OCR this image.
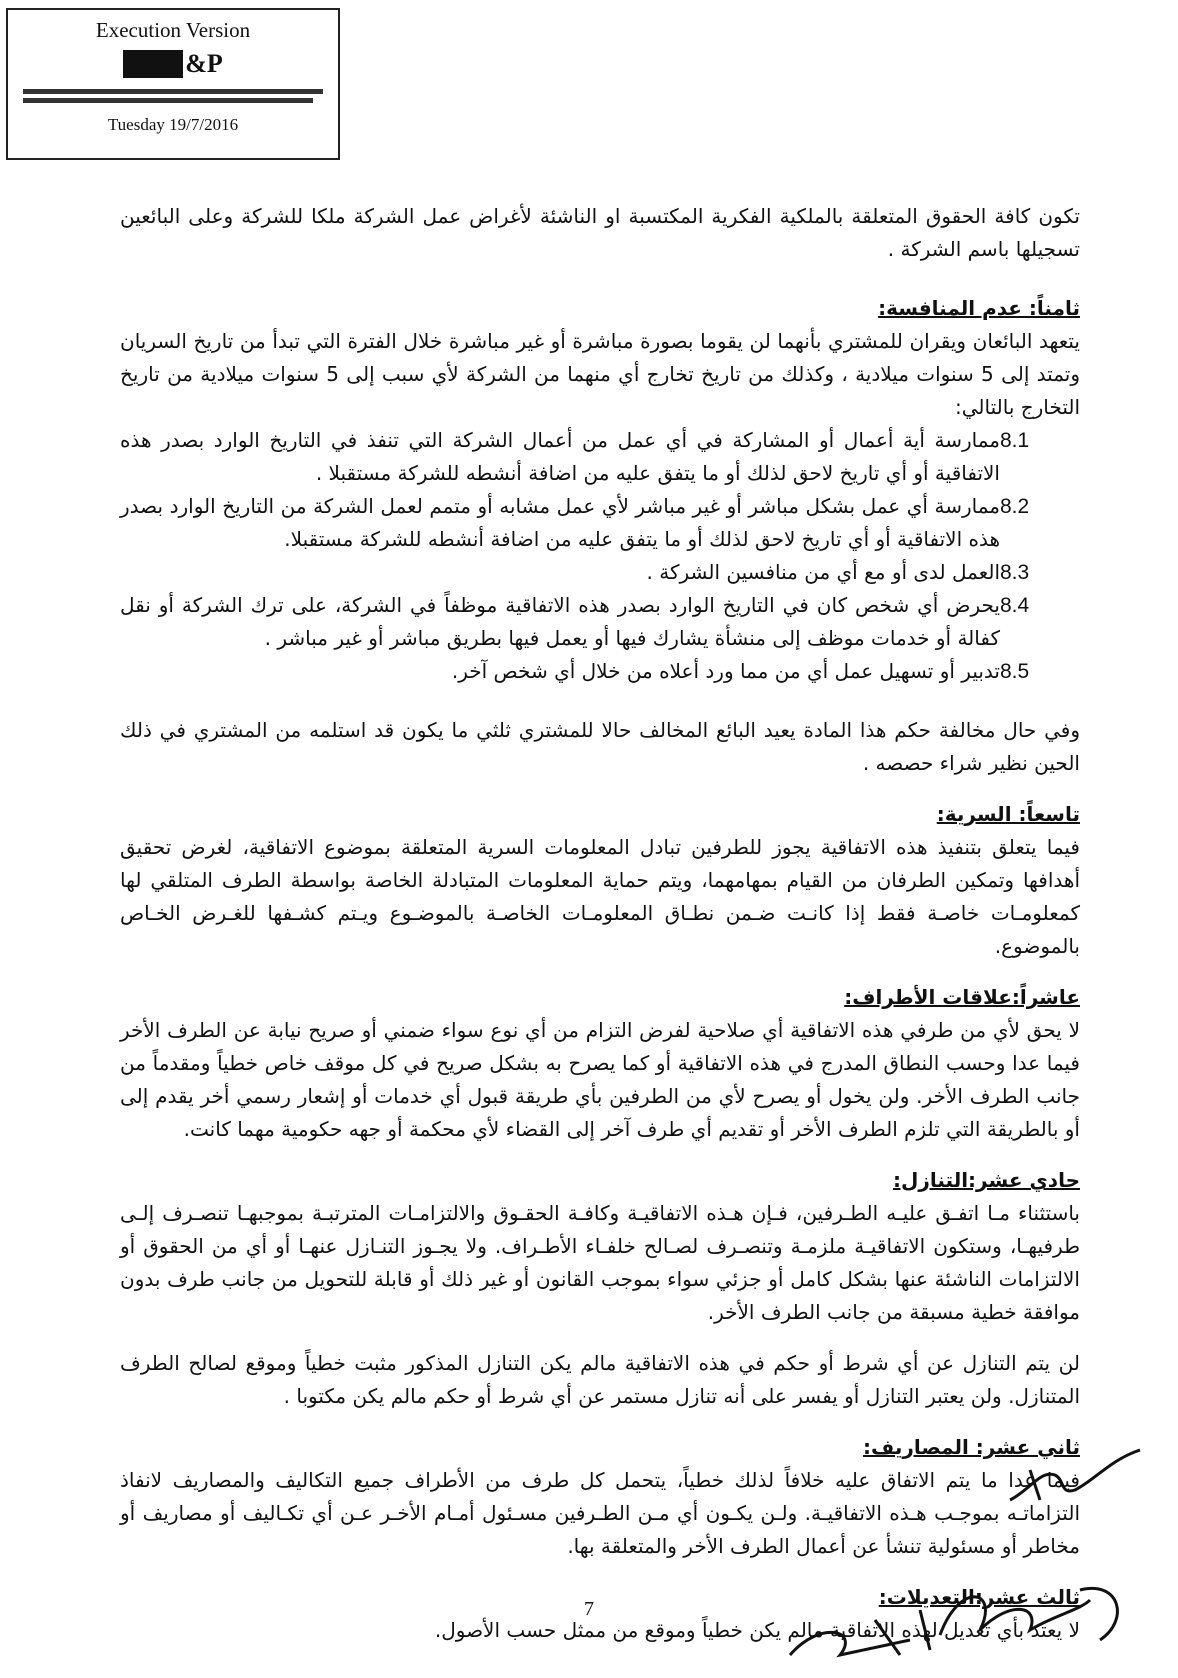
Execution Version
&P
Tuesday 19/7/2016

تكون كافة الحقوق المتعلقة بالملكية الفكرية المكتسبة او الناشئة لأغراض عمل الشركة ملكا للشركة وعلى البائعين تسجيلها باسم الشركة .

ثامناً: عدم المنافسة:

يتعهد البائعان ويقران للمشتري بأنهما لن يقوما بصورة مباشرة أو غير مباشرة خلال الفترة التي تبدأ من تاريخ السريان وتمتد إلى 5 سنوات ميلادية ، وكذلك من تاريخ تخارج أي منهما من الشركة لأي سبب إلى 5 سنوات ميلادية من تاريخ التخارج بالتالي:

8.1
ممارسة أية أعمال أو المشاركة في أي عمل من أعمال الشركة التي تنفذ في التاريخ الوارد بصدر هذه الاتفاقية أو أي تاريخ لاحق لذلك أو ما يتفق عليه من اضافة أنشطه للشركة مستقبلا .
8.2
ممارسة أي عمل بشكل مباشر أو غير مباشر لأي عمل مشابه أو متمم لعمل الشركة من التاريخ الوارد بصدر هذه الاتفاقية أو أي تاريخ لاحق لذلك أو ما يتفق عليه من اضافة أنشطه للشركة مستقبلا.
8.3
العمل لدى أو مع أي من منافسين الشركة .
8.4
يحرض أي شخص كان في التاريخ الوارد بصدر هذه الاتفاقية موظفاً في الشركة، على ترك الشركة أو نقل كفالة أو خدمات موظف إلى منشأة يشارك فيها أو يعمل فيها بطريق مباشر أو غير مباشر .
8.5
تدبير أو تسهيل عمل أي من مما ورد أعلاه من خلال أي شخص آخر.

وفي حال مخالفة حكم هذا المادة يعيد البائع المخالف حالا للمشتري ثلثي ما يكون قد استلمه من المشتري في ذلك الحين نظير شراء حصصه .

تاسعاً: السرية:

فيما يتعلق بتنفيذ هذه الاتفاقية يجوز للطرفين تبادل المعلومات السرية المتعلقة بموضوع الاتفاقية، لغرض تحقيق أهدافها وتمكين الطرفان من القيام بمهامهما، ويتم حماية المعلومات المتبادلة الخاصة بواسطة الطرف المتلقي لها كمعلومـات خاصـة فقط إذا كانـت ضـمن نطـاق المعلومـات الخاصـة بالموضـوع ويـتم كشـفها للغـرض الخـاص بالموضوع.

عاشراً:علاقات الأطراف:

لا يحق لأي من طرفي هذه الاتفاقية أي صلاحية لفرض التزام من أي نوع سواء ضمني أو صريح نيابة عن الطرف الأخر فيما عدا وحسب النطاق المدرج في هذه الاتفاقية أو كما يصرح به بشكل صريح في كل موقف خاص خطياً ومقدماً من جانب الطرف الأخر. ولن يخول أو يصرح لأي من الطرفين بأي طريقة قبول أي خدمات أو إشعار رسمي أخر يقدم إلى أو بالطريقة التي تلزم الطرف الأخر أو تقديم أي طرف آخر إلى القضاء لأي محكمة أو جهه حكومية مهما كانت.

حادي عشر:التنازل:

باستثناء مـا اتفـق عليـه الطـرفين، فـإن هـذه الاتفاقيـة وكافـة الحقـوق والالتزامـات المترتبـة بموجبهـا تنصـرف إلـى طرفيهـا، وستكون الاتفاقيـة ملزمـة وتنصـرف لصـالح خلفـاء الأطـراف. ولا يجـوز التنـازل عنهـا أو أي من الحقوق أو الالتزامات الناشئة عنها بشكل كامل أو جزئي سواء بموجب القانون أو غير ذلك أو قابلة للتحويل من جانب طرف بدون موافقة خطية مسبقة من جانب الطرف الأخر.

لن يتم التنازل عن أي شرط أو حكم في هذه الاتفاقية مالم يكن التنازل المذكور مثبت خطياً وموقع لصالح الطرف المتنازل. ولن يعتبر التنازل أو يفسر على أنه تنازل مستمر عن أي شرط أو حكم مالم يكن مكتوبا .

ثاني عشر: المصاريف:

فيما عدا ما يتم الاتفاق عليه خلافاً لذلك خطياً، يتحمل كل طرف من الأطراف جميع التكاليف والمصاريف لانفاذ التزاماتـه بموجـب هـذه الاتفاقيـة. ولـن يكـون أي مـن الطـرفين مسـئول أمـام الأخـر عـن أي تكـاليف أو مصاريف أو مخاطر أو مسئولية تنشأ عن أعمال الطرف الأخر والمتعلقة بها.

ثالث عشر:التعديلات:

لا يعتد بأي تعديل لهذه الاتفاقية مالم يكن خطياً وموقع من ممثل حسب الأصول.

7
